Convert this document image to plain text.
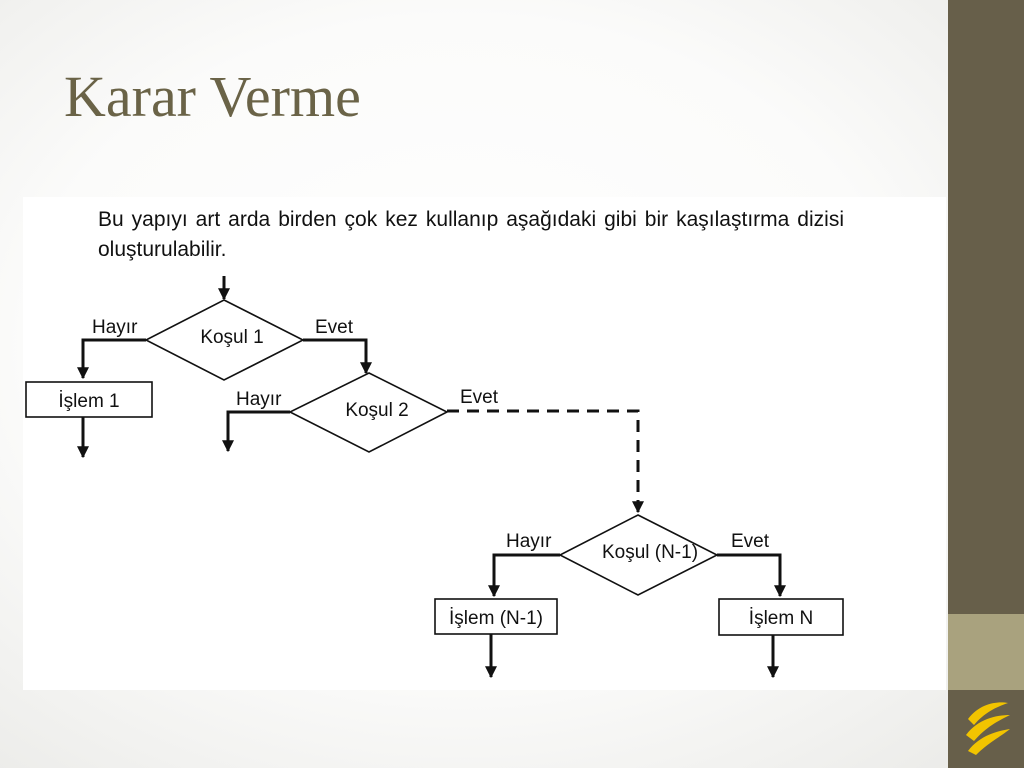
Karar Verme

Bu yapıyı art arda birden çok kez kullanıp aşağıdaki gibi bir kaşılaştırma dizisi oluşturulabilir.

Koşul 1
Hayır	Evet
İşlem 1	Koşul 2
Hayır	Evet
Koşul (N-1)
Hayır	Evet
İşlem (N-1)	İşlem N
